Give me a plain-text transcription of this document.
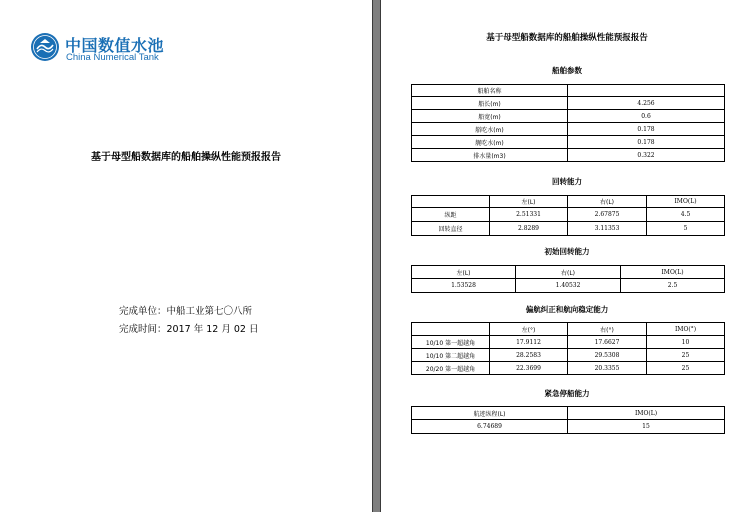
中国数值水池
China Numerical Tank
基于母型船数据库的船舶操纵性能预报报告
完成单位：中船工业第七〇八所
完成时间：2017 年 12 月 02 日
基于母型船数据库的船舶操纵性能预报报告
船舶参数
船舶名称	
船长(m)	4.256
船宽(m)	0.6
艏吃水(m)	0.178
艉吃水(m)	0.178
排水量(m3)	0.322
回转能力
	左(L)	右(L)	IMO(L)
纵距	2.51331	2.67875	4.5
回转直径	2.8289	3.11353	5
初始回转能力
左(L)	右(L)	IMO(L)
1.53528	1.40532	2.5
偏航纠正和航向稳定能力
	左(°)	右(°)	IMO(°)
10/10 第一超越角	17.9112	17.6627	10
10/10 第二超越角	28.2583	29.5308	25
20/20 第一超越角	22.3699	20.3355	25
紧急停船能力
航迹纵程(L)	IMO(L)
6.74689	15
